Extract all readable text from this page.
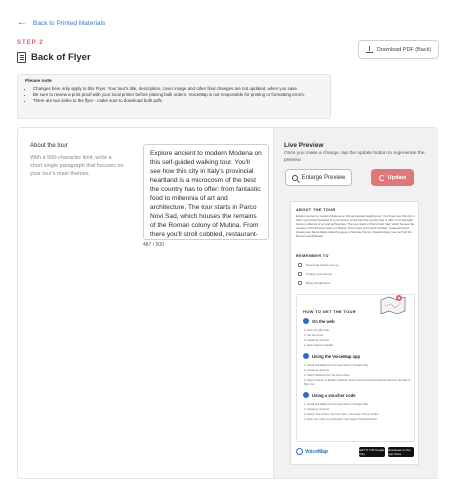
← Back to Printed Materials
STEP 2
Back of Flyer
Download PDF (Back)
Please note
• Changes here only apply to this Flyer. Your tour's title, description, cover image and other final changes are not updated, when you save.
• Be sure to review a print proof with your local printer before placing bulk orders. VoiceMap is not responsible for printing or formatting errors.
• There are two sides to the flyer - make sure to download both pdfs.
About the tour
With a 500-character limit, write a short single paragraph that focuses on your tour's main themes.
Explore ancient to modern Modena on this self-guided walking tour. You'll see how this city in Italy's provincial heartland is a microcosm of the best the country has to offer: from fantastic food to millennia of art and architecture. The tour starts in Parco Novi Sad, which houses the remains of the Roman colony of Mutina. From there you'll stroll cobbled, restaurant-
487 / 500
Live Preview
Once you make a change, tap the update button to regenerate the preview.
Enlarge Preview	Update
ABOUT THE TOUR
Explore ancient to modern Modena on this self-guided walking tour. You'll see how this city in Italy's provincial heartland is a microcosm of the best the country has to offer: from fantastic food to millennia of art and architecture. The tour starts in Parco Novi Sad, which houses the remains of the Roman colony of Mutina. From there you'll stroll cobbled, restaurant-lined streets past Santa Maria della Pomposa to Mercato Storico. Details where you can find the Roman amphitheatre
REMEMBER TO
Download before you go
Charge your device
Bring headphones
HOW TO GET THE TOUR
On the web
1. Scan the QR code
2. Tap the arrow
3. Create an account
4. Enter payment details
Using the VoiceMap app
1. Install VoiceMap from the App Store or Google Play
2. Create an account
3. Select Modena from the list of cities
4. Select Ancient to Modern Modena: Food, Ferraris and Romanic Architecture and tap on Buy now
Using a voucher code
1. Install VoiceMap from the App Store or Google Play
2. Create an account
3. Select 'Use Codes' from the menu, then enter Promo Codes
4. Enter the code you purchased, then select 'Download Now'
VoiceMap	GET IT ON Google Play
Download on the App Store
